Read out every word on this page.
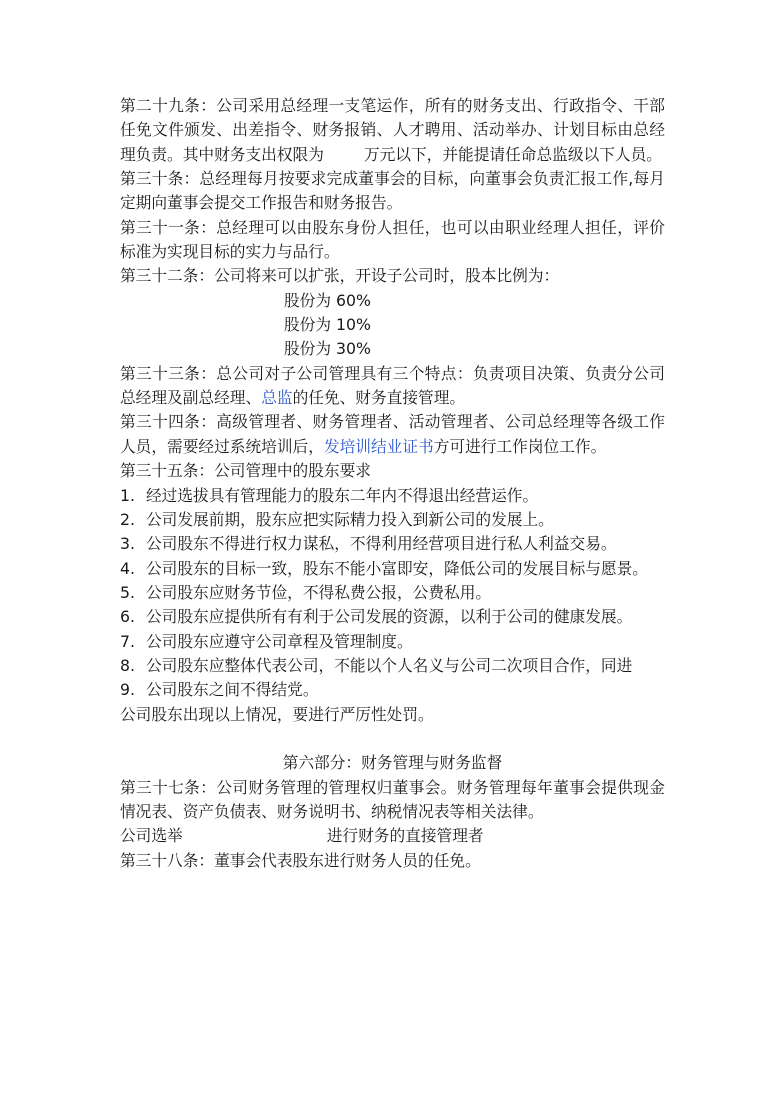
第二十九条：公司采用总经理一支笔运作，所有的财务支出、行政指令、干部任免文件颁发、出差指令、财务报销、人才聘用、活动举办、计划目标由总经理负责。其中财务支出权限为	万元以下，并能提请任命总监级以下人员。

第三十条：总经理每月按要求完成董事会的目标，向董事会负责汇报工作,每月定期向董事会提交工作报告和财务报告。

第三十一条：总经理可以由股东身份人担任，也可以由职业经理人担任，评价标准为实现目标的实力与品行。

第三十二条：公司将来可以扩张，开设子公司时，股本比例为：

股份为 60%

股份为 10%

股份为 30%

第三十三条：总公司对子公司管理具有三个特点：负责项目决策、负责分公司总经理及副总经理、总监的任免、财务直接管理。

第三十四条：高级管理者、财务管理者、活动管理者、公司总经理等各级工作人员，需要经过系统培训后，发培训结业证书方可进行工作岗位工作。

第三十五条：公司管理中的股东要求

1. 经过选拔具有管理能力的股东二年内不得退出经营运作。
2. 公司发展前期，股东应把实际精力投入到新公司的发展上。
3. 公司股东不得进行权力谋私，不得利用经营项目进行私人利益交易。
4. 公司股东的目标一致，股东不能小富即安，降低公司的发展目标与愿景。
5. 公司股东应财务节俭，不得私费公报，公费私用。
6. 公司股东应提供所有有利于公司发展的资源，以利于公司的健康发展。
7. 公司股东应遵守公司章程及管理制度。
8. 公司股东应整体代表公司，不能以个人名义与公司二次项目合作，同进
9. 公司股东之间不得结党。

公司股东出现以上情况，要进行严厉性处罚。

第六部分：财务管理与财务监督

第三十七条：公司财务管理的管理权归董事会。财务管理每年董事会提供现金情况表、资产负债表、财务说明书、纳税情况表等相关法律。

公司选举	进行财务的直接管理者

第三十八条：董事会代表股东进行财务人员的任免。
